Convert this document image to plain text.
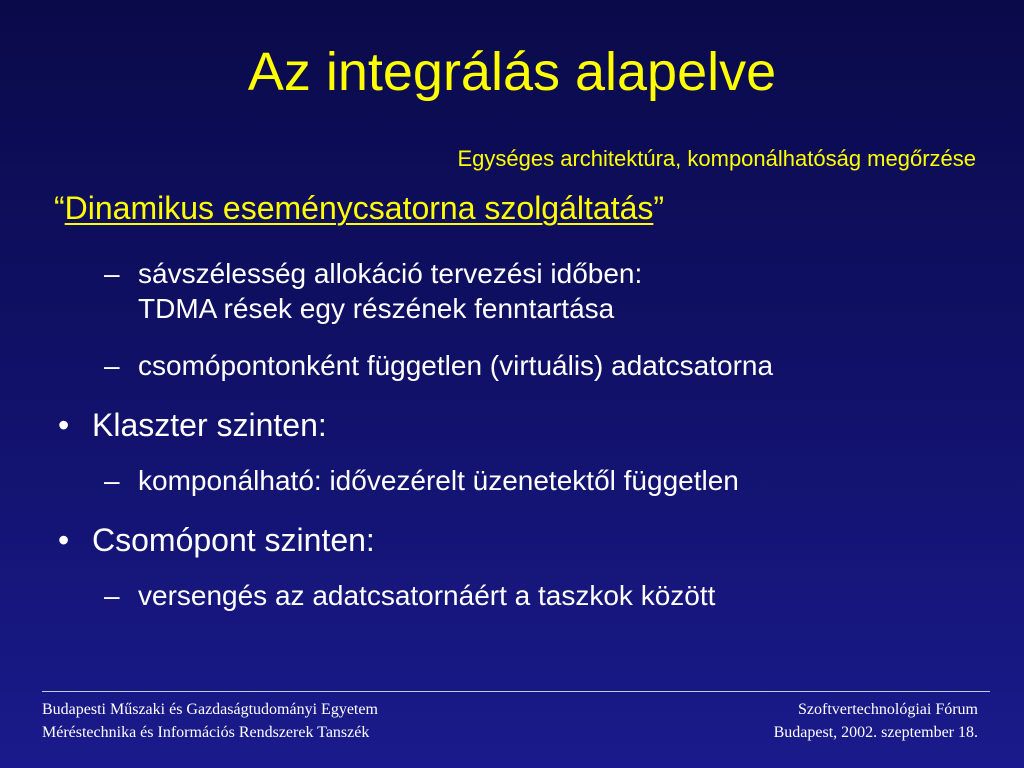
Az integrálás alapelve
Egységes architektúra, komponálhatóság megőrzése
“Dinamikus eseménycsatorna szolgáltatás”
– sávszélesség allokáció tervezési időben:
TDMA rések egy részének fenntartása
– csomópontonként független (virtuális) adatcsatorna
• Klaszter szinten:
– komponálható: idővezérelt üzenetektől független
• Csomópont szinten:
– versengés az adatcsatornáért a taszkok között
Budapesti Műszaki és Gazdaságtudományi Egyetem
Méréstechnika és Információs Rendszerek Tanszék
Szoftvertechnológiai Fórum
Budapest, 2002. szeptember 18.
